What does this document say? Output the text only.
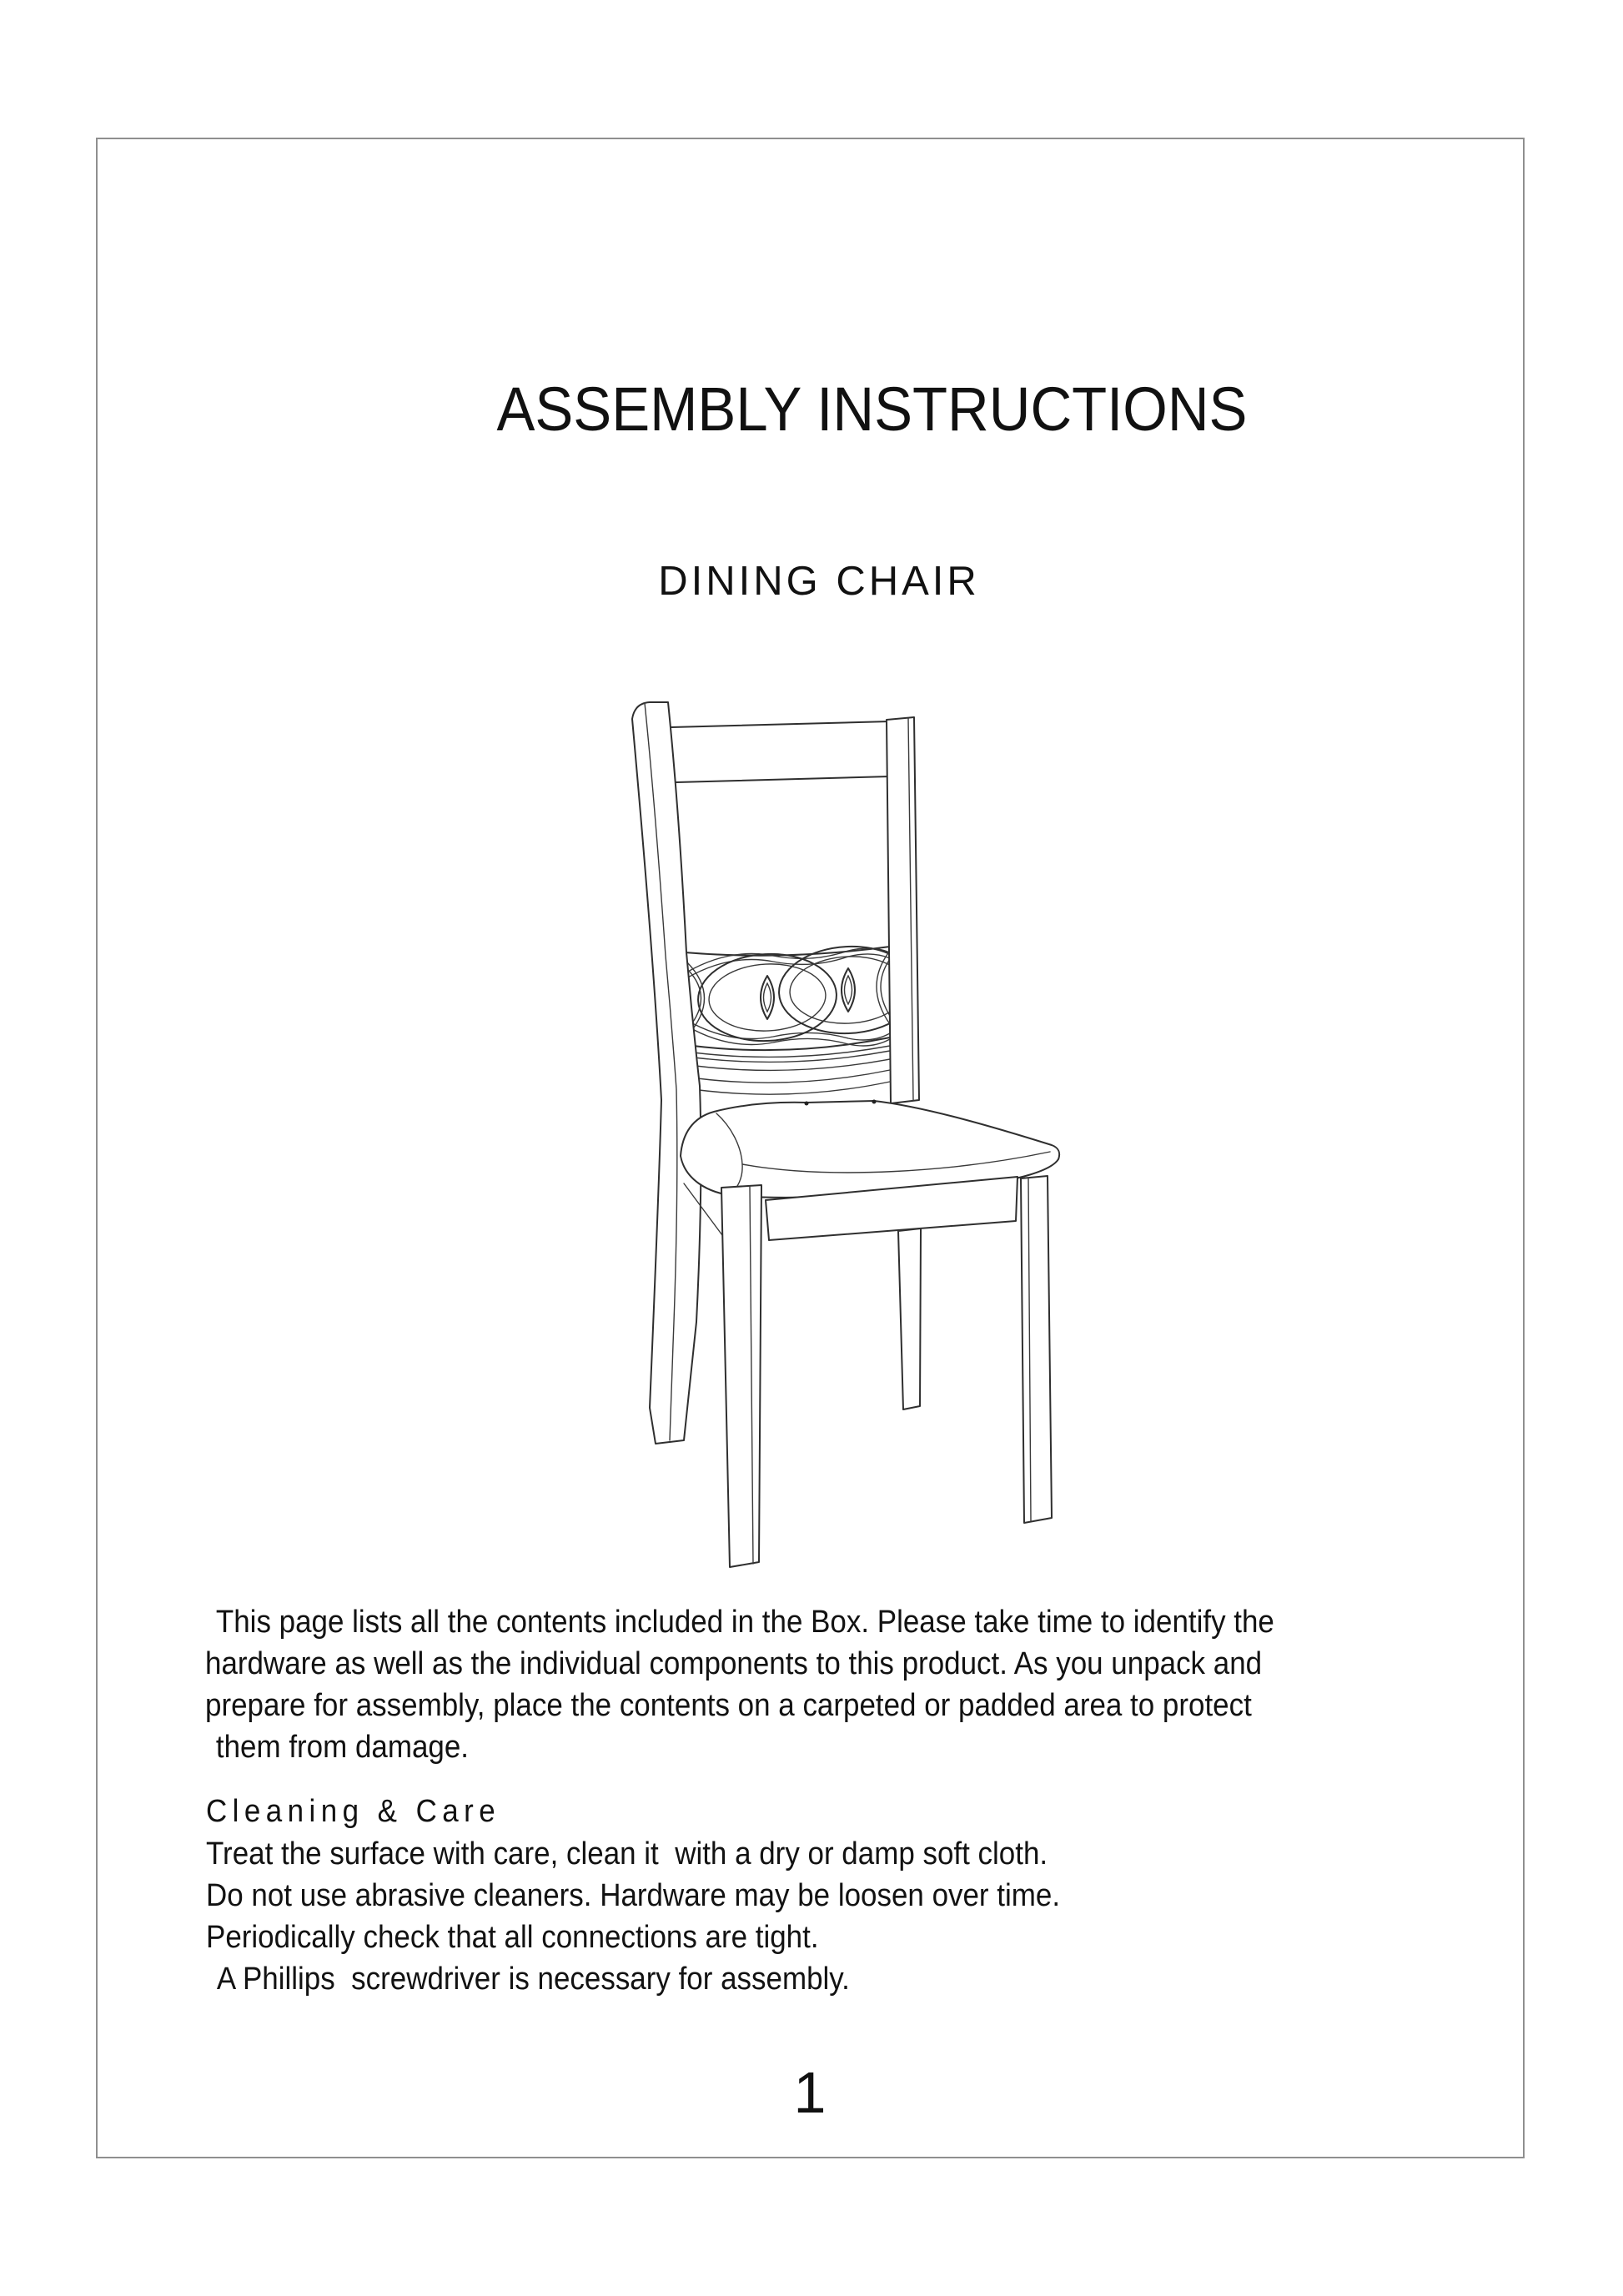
ASSEMBLY INSTRUCTIONS
DINING CHAIR
This page lists all the contents included in the Box. Please take time to identify the
hardware as well as the individual components to this product. As you unpack and
prepare for assembly, place the contents on a carpeted or padded area to protect
them from damage.
Cleaning & Care
Treat the surface with care, clean it  with a dry or damp soft cloth.
Do not use abrasive cleaners. Hardware may be loosen over time.
Periodically check that all connections are tight.
A Phillips  screwdriver is necessary for assembly.
1
